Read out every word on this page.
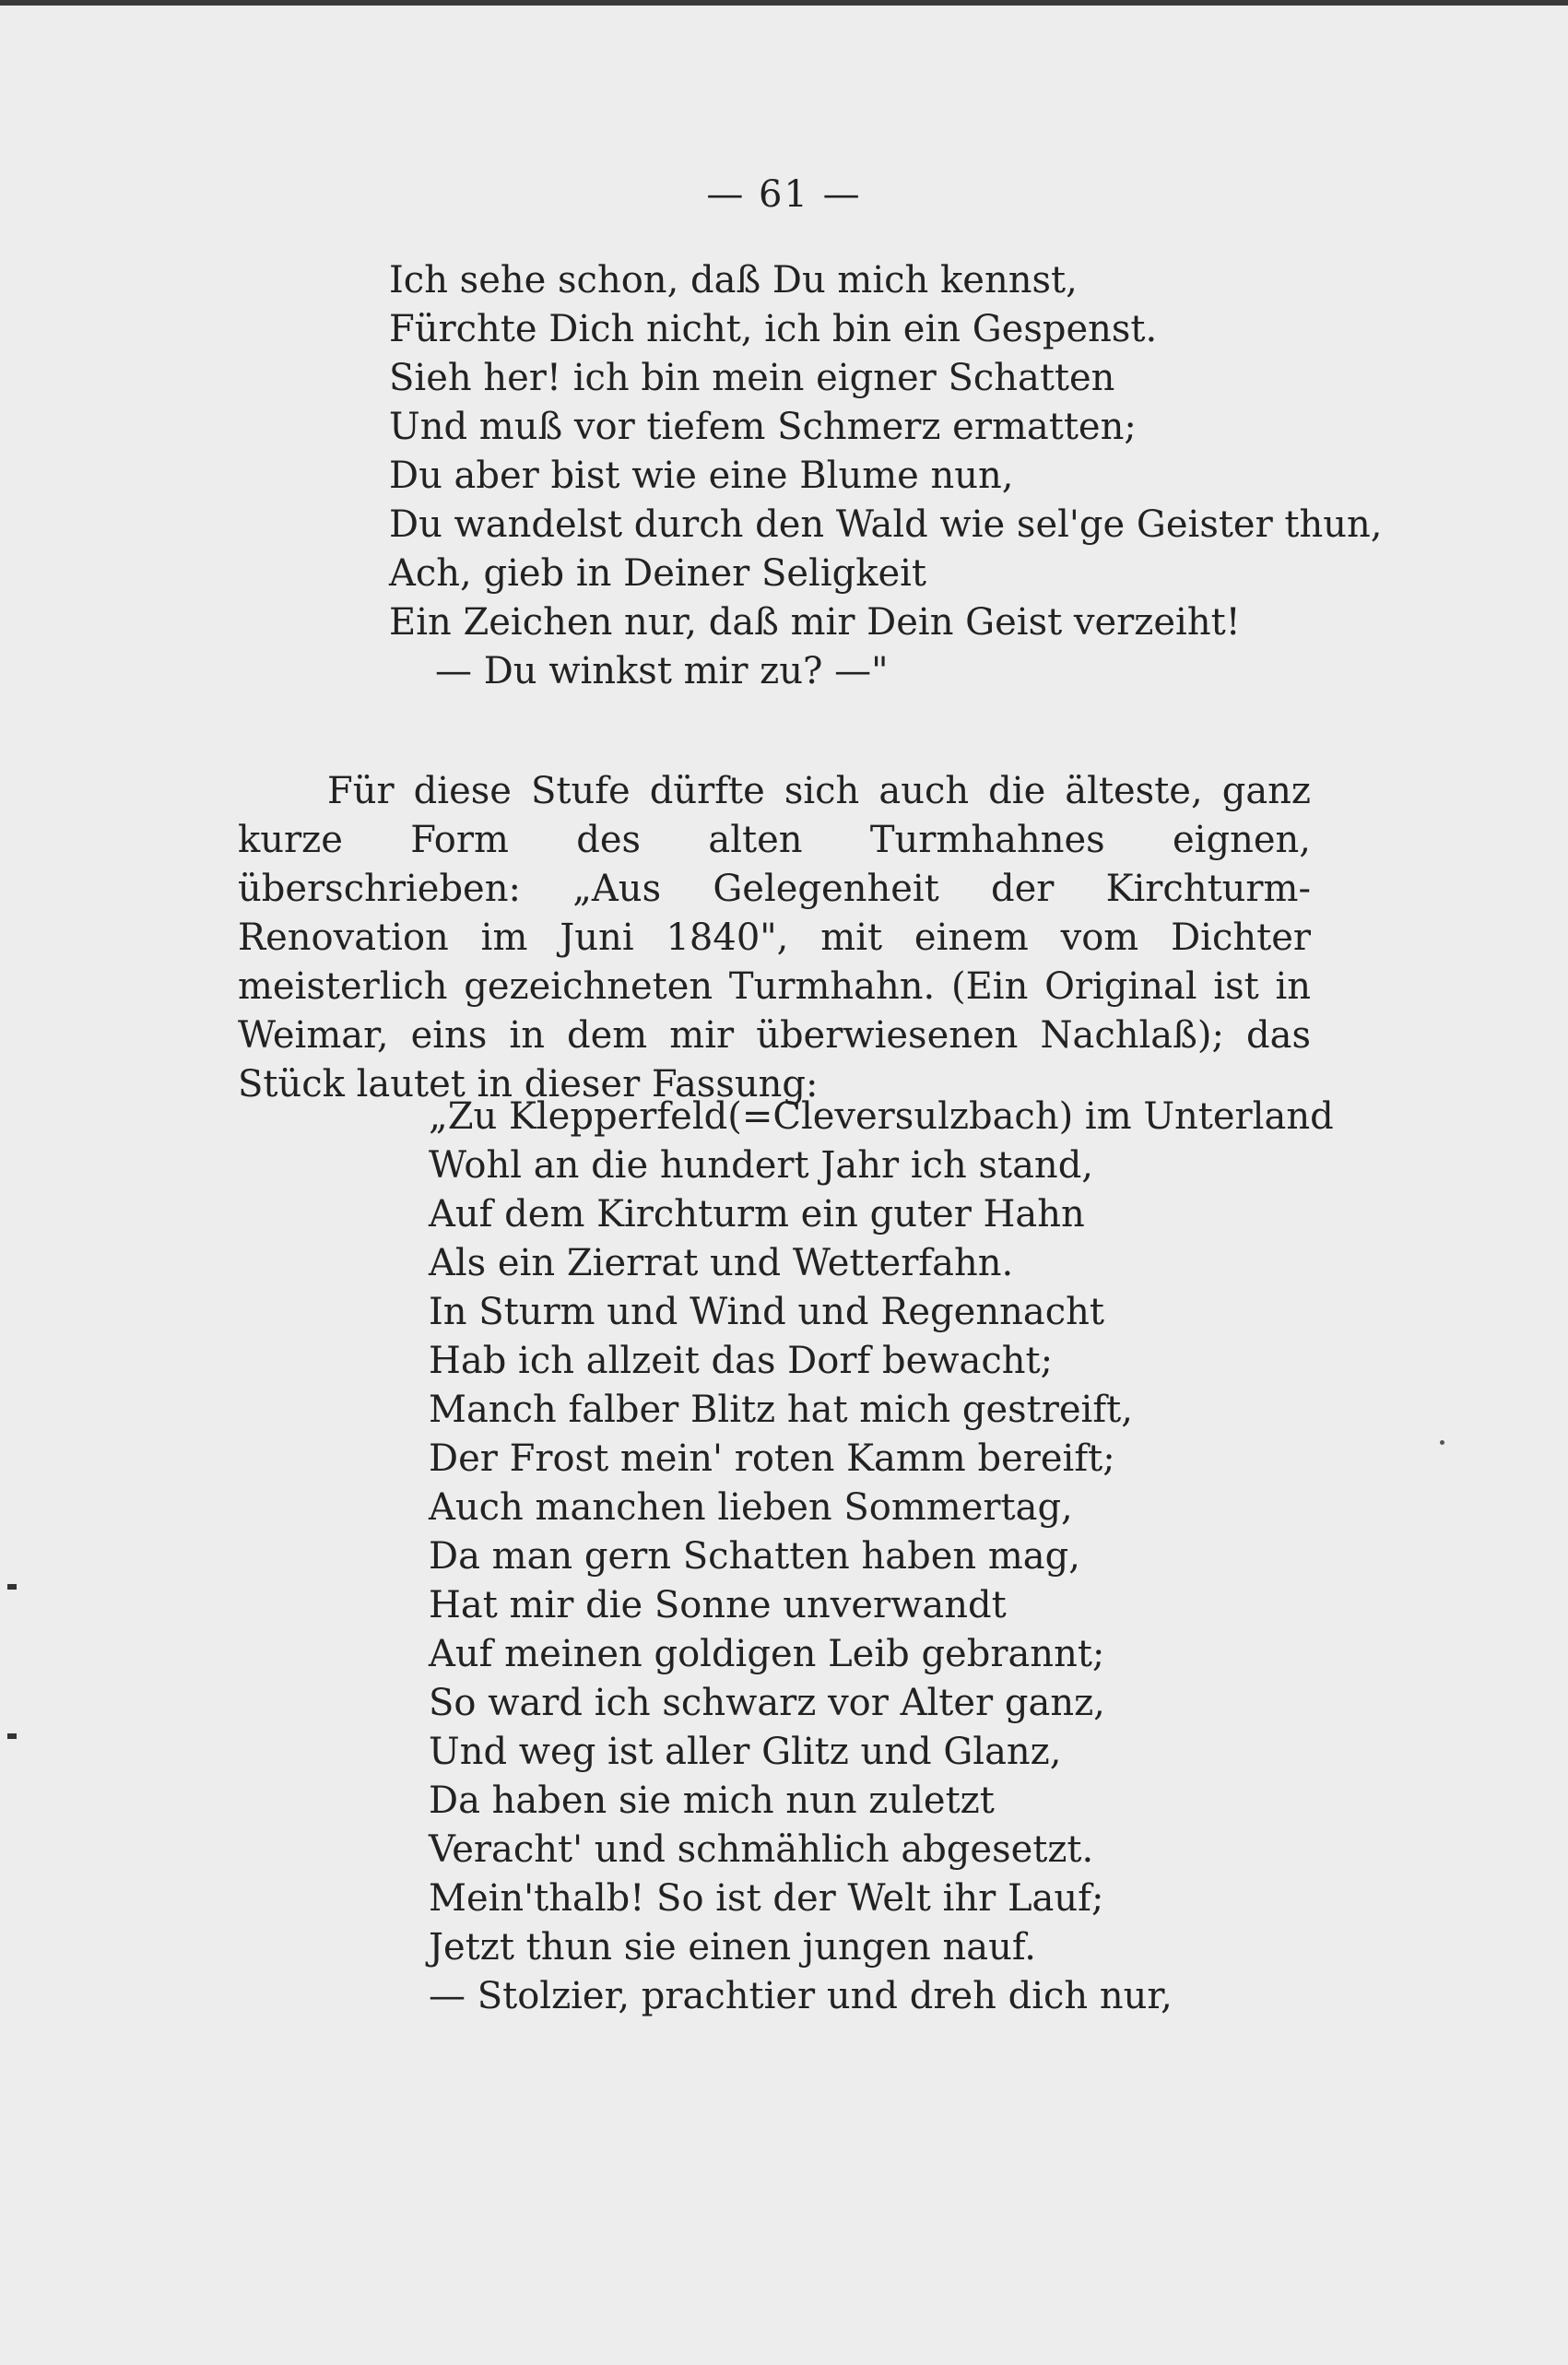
— 61 —
Ich sehe schon, daß Du mich kennst,
Fürchte Dich nicht, ich bin ein Gespenst.
Sieh her! ich bin mein eigner Schatten
Und muß vor tiefem Schmerz ermatten;
Du aber bist wie eine Blume nun,
Du wandelst durch den Wald wie sel'ge Geister thun,
Ach, gieb in Deiner Seligkeit
Ein Zeichen nur, daß mir Dein Geist verzeiht!
— Du winkst mir zu? —"

Für diese Stufe dürfte sich auch die älteste, ganz kurze Form des alten Turmhahnes eignen, überschrieben: „Aus Gelegenheit der Kirchturm-Renovation im Juni 1840", mit einem vom Dichter meisterlich gezeichneten Turmhahn. (Ein Original ist in Weimar, eins in dem mir überwiesenen Nachlaß); das Stück lautet in dieser Fassung:

„Zu Klepperfeld(=Cleversulzbach) im Unterland
Wohl an die hundert Jahr ich stand,
Auf dem Kirchturm ein guter Hahn
Als ein Zierrat und Wetterfahn.
In Sturm und Wind und Regennacht
Hab ich allzeit das Dorf bewacht;
Manch falber Blitz hat mich gestreift,
Der Frost mein' roten Kamm bereift;
Auch manchen lieben Sommertag,
Da man gern Schatten haben mag,
Hat mir die Sonne unverwandt
Auf meinen goldigen Leib gebrannt;
So ward ich schwarz vor Alter ganz,
Und weg ist aller Glitz und Glanz,
Da haben sie mich nun zuletzt
Veracht' und schmählich abgesetzt.
Mein'thalb! So ist der Welt ihr Lauf;
Jetzt thun sie einen jungen nauf.
— Stolzier, prachtier und dreh dich nur,
